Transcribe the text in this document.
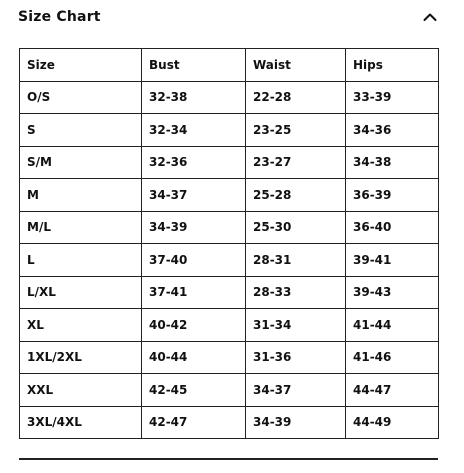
Size Chart
Size	Bust	Waist	Hips
O/S	32-38	22-28	33-39
S	32-34	23-25	34-36
S/M	32-36	23-27	34-38
M	34-37	25-28	36-39
M/L	34-39	25-30	36-40
L	37-40	28-31	39-41
L/XL	37-41	28-33	39-43
XL	40-42	31-34	41-44
1XL/2XL	40-44	31-36	41-46
XXL	42-45	34-37	44-47
3XL/4XL	42-47	34-39	44-49
